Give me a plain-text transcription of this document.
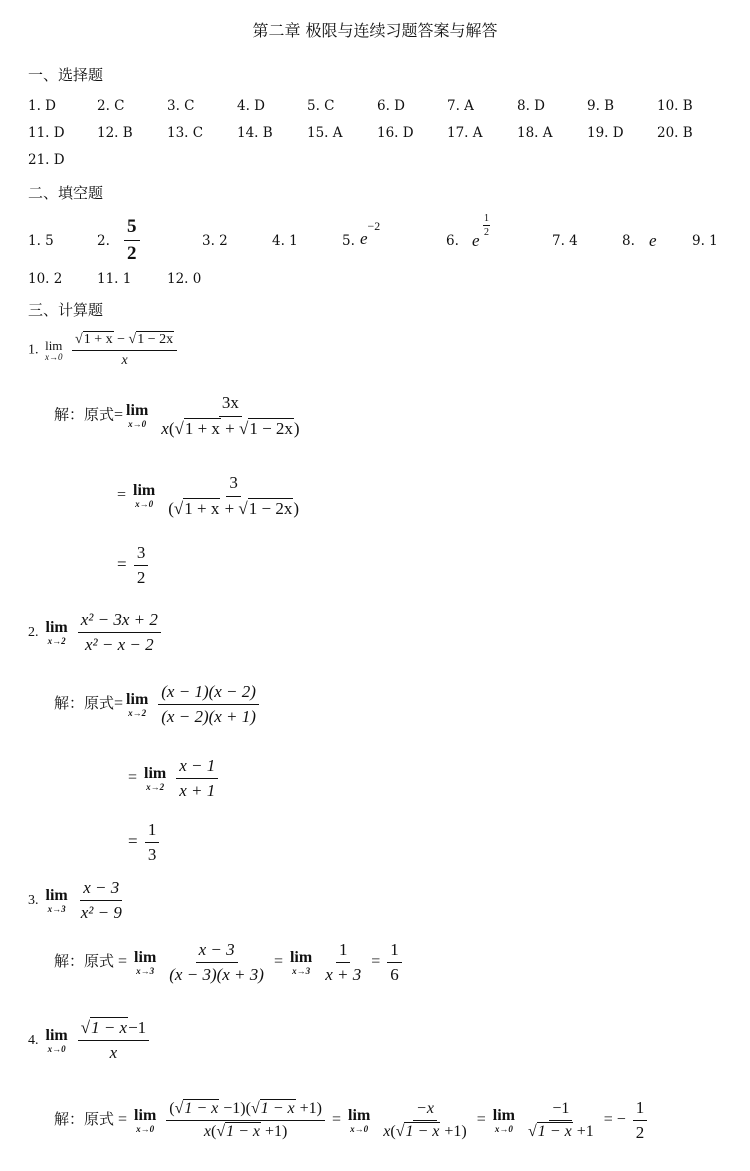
第二章 极限与连续习题答案与解答
一、选择题
1. D	2. C	3. C	4. D	5. C	6. D	7. A	8. D	9. B	10. B
11. D 12. B	13. C	14. B	15. A	16. D 17. A	18. A	19. D 20. B
21. D
二、填空题
1. 5	2. $\frac{5}{2}$	3. 2	4. 1	5. $e^{-2}$
6. e
$\frac{1}{2}$
7. 4	8. e	9. 1
10. 2	11. 1	12. 0
三、计算题
1. lim
x→0
$\frac{√1 + x - √1 - 2x}{x}$
解：原式= lim
x→0
$\frac{3x}{x(√1 + x + √1 - 2x)}$
= lim
x→0
$\frac{3}{(√1 + x + √1 - 2x)}$
= $\frac{3}{2}$
2. lim
x→2
$\frac{\text{x² − 3x + 2}}{\text{x² − x − 2}}$
解：原式= lim
x→2
$\frac{(x - 1)(x - 2)}{(x - 2)(x + 1)}$
= lim
x→2
$\frac{x - 1}{x + 1}$
= $\frac{1}{3}$
3. lim
x→3
$\frac{x - 3}{\text{x² − 9}}$
解：原式 = lim
x→3
$\frac{x - 3}{(x - 3)(x + 3)} = \lim$
x→3
$\frac{1}{x + 3} = \frac{1}{6}$
4. lim
x→0
$\frac{√1 - x-1}{x}$
解：原式 = lim
x→0
$\frac{(√1 - x -1)(√1 - x +1)}{x(√1 - x +1)} = \lim$
x→0
$\frac{-x}{x(√1 - x +1)} = \lim$
x→0
$\frac{-1}{√1 - x +1}$ = − $\frac{1}{2}$
